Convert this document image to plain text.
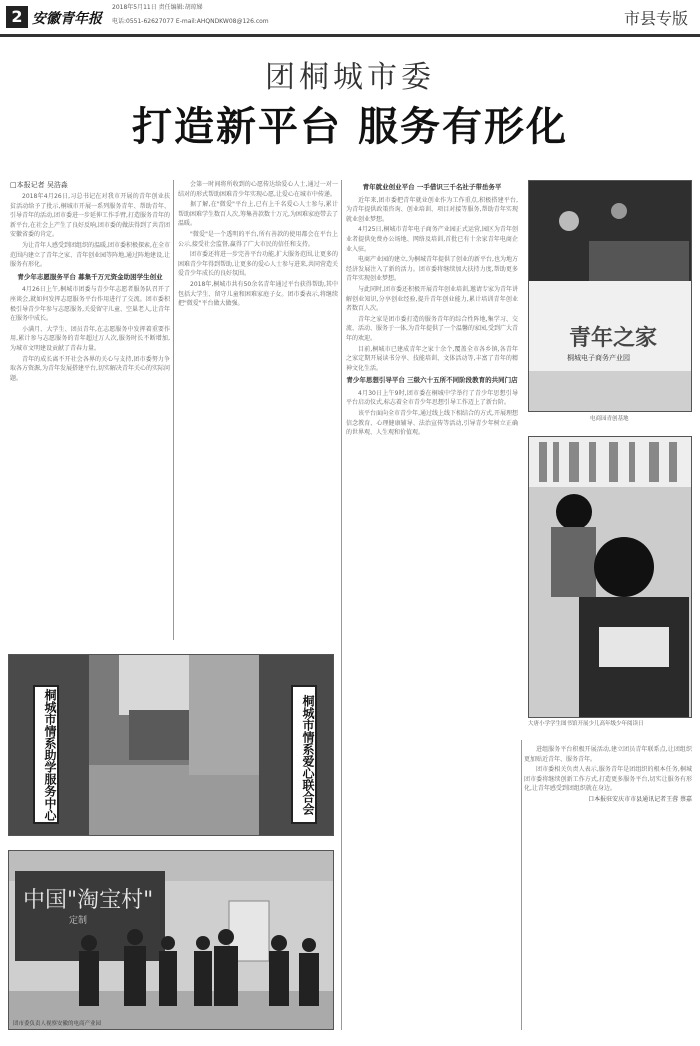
2 安徽青年报
2018年5月11日 责任编辑:胡琼娣
电话:0551-62627077 E-mail:AHQNDKW08@126.com	市县专版
团桐城市委
打造新平台 服务有形化
□本报记者 吴浩淼

2018年4月26日,习总书记在对我市开展的青年创业扶贫活动给予了批示,桐城市开展一系列服务青年、帮助青年、引导青年的活动,团市委进一步延伸工作手臂,打造服务青年的新平台,在社会上产生了良好反响,团市委的做法得到了共青团安徽省委的肯定。

为让青年人感受到团组织的温暖,团市委积极探索,在全市范围内建立了青年之家、青年创业园等阵地,通过阵地建设,让服务有形化。

青少年志愿服务平台 募集千万元资金助困学生创业

4月26日上午,桐城市团委与青少年志愿者服务队召开了座谈会,就如何发挥志愿服务平台作用进行了交流。团市委积极引导青少年参与志愿服务,关爱留守儿童、空巢老人,让青年在服务中成长。

小满月、大学生、团员青年,在志愿服务中发挥着重要作用,累计参与志愿服务的青年超过万人次,服务时长不断增加,为城市文明建设贡献了青春力量。

青年的成长离不开社会各界的关心与支持,团市委努力争取各方资源,为青年发展搭建平台,切实解决青年关心的实际问题。

会第一时间将所收到的心愿传达给爱心人士,通过一对一结对的形式帮助困难青少年实现心愿,让爱心在城市中传递。

据了解,在"微爱"平台上,已有上千名爱心人士参与,累计帮助困难学生数百人次,筹集善款数十万元,为困难家庭带去了温暖。

"微爱"是一个透明的平台,所有善款的使用都会在平台上公示,接受社会监督,赢得了广大市民的信任和支持。

团市委还将进一步完善平台功能,扩大服务范围,让更多的困难青少年得到帮助,让更多的爱心人士参与进来,共同营造关爱青少年成长的良好氛围。

2018年,桐城市共有50余名青年通过平台获得帮助,其中包括大学生、留守儿童和困难家庭子女。团市委表示,将继续把"微爱"平台做大做强。

青年就业创业平台 一手借识三千名社子带岳务平

近年来,团市委把青年就业创业作为工作重点,积极搭建平台,为青年提供政策咨询、创业培训、项目对接等服务,帮助青年实现就业创业梦想。

4月25日,桐城市青年电子商务产业园正式运营,园区为青年创业者提供免费办公场地、网络及培训,首批已有十余家青年电商企业入驻。

电商产业园的建立,为桐城青年提供了创业的新平台,也为地方经济发展注入了新的活力。团市委将继续加大扶持力度,帮助更多青年实现创业梦想。

与此同时,团市委还积极开展青年创业培训,邀请专家为青年讲解创业知识,分享创业经验,提升青年创业能力,累计培训青年创业者数百人次。

青年之家是团市委打造的服务青年的综合性阵地,集学习、交流、活动、服务于一体,为青年提供了一个温馨的家园,受到广大青年的欢迎。

目前,桐城市已建成青年之家十余个,覆盖全市各乡镇,各青年之家定期开展读书分享、技能培训、文体活动等,丰富了青年的精神文化生活。

青少年思想引导平台 三级六十五所不同阶段教育的共同门店

4月30日上午9时,团市委在桐城中学举行了青少年思想引导平台启动仪式,标志着全市青少年思想引导工作迈上了新台阶。

该平台面向全市青少年,通过线上线下相结合的方式,开展理想信念教育、心理健康辅导、法治宣传等活动,引导青少年树立正确的世界观、人生观和价值观。

进组服务平台积极开展活动,建立团员青年联系点,让团组织更加贴近青年、服务青年。

团市委相关负责人表示,服务青年是团组织的根本任务,桐城团市委将继续创新工作方式,打造更多服务平台,切实让服务有形化,让青年感受到团组织就在身边。

口本报驻安庆市市县通讯记者王蓉 蔡嘉

桐城市情系助学服务中心	桐城市情系爱心联合会
中国"淘宝村"
定制
团市委负责人视察安徽的电商产业园
青年之家
桐城电子商务产业园
电商园青创基地
大唐小学学生图书馆开展少儿高年级少年阅读日
